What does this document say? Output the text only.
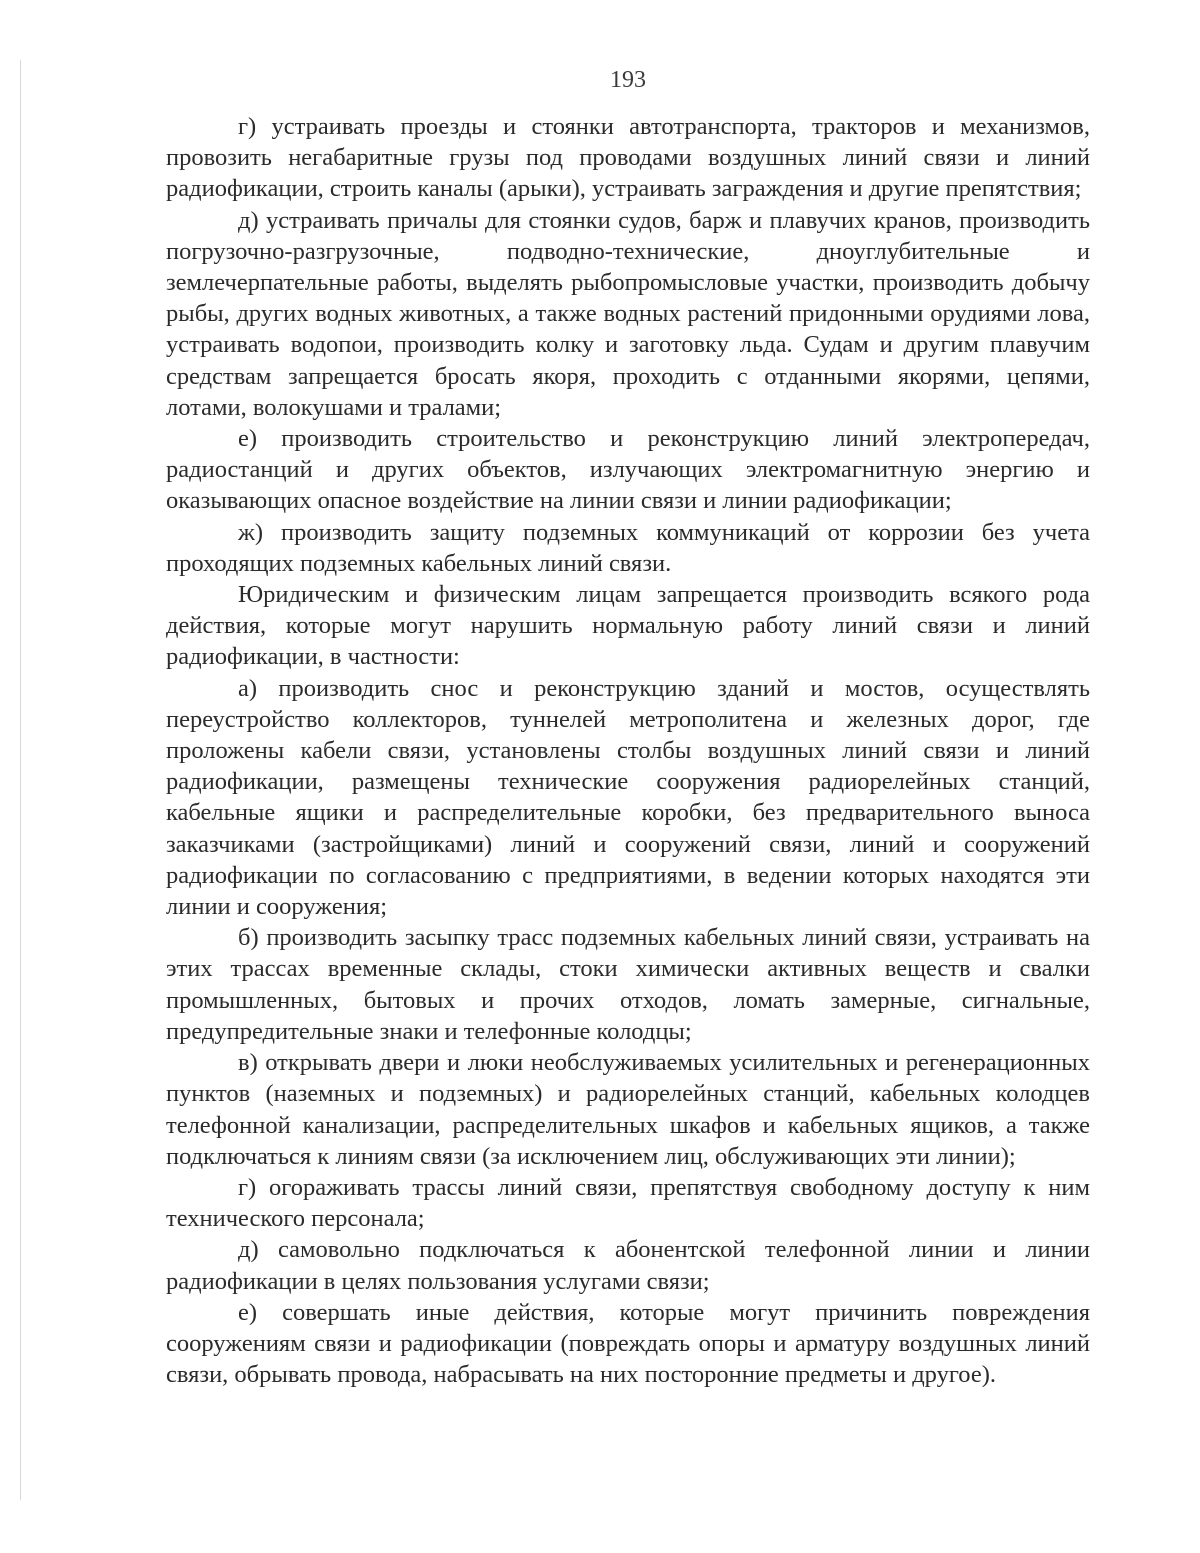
193

г) устраивать проезды и стоянки автотранспорта, тракторов и механизмов, провозить негабаритные грузы под проводами воздушных линий связи и линий радиофикации, строить каналы (арыки), устраивать заграждения и другие препятствия;

д) устраивать причалы для стоянки судов, барж и плавучих кранов, производить погрузочно-разгрузочные, подводно-технические, дноуглубительные и землечерпательные работы, выделять рыбопромысловые участки, производить добычу рыбы, других водных животных, а также водных растений придонными орудиями лова, устраивать водопои, производить колку и заготовку льда. Судам и другим плавучим средствам запрещается бросать якоря, проходить с отданными якорями, цепями, лотами, волокушами и тралами;

е) производить строительство и реконструкцию линий электропередач, радиостанций и других объектов, излучающих электромагнитную энергию и оказывающих опасное воздействие на линии связи и линии радиофикации;

ж) производить защиту подземных коммуникаций от коррозии без учета проходящих подземных кабельных линий связи.

Юридическим и физическим лицам запрещается производить всякого рода действия, которые могут нарушить нормальную работу линий связи и линий радиофикации, в частности:

а) производить снос и реконструкцию зданий и мостов, осуществлять переустройство коллекторов, туннелей метрополитена и железных дорог, где проложены кабели связи, установлены столбы воздушных линий связи и линий радиофикации, размещены технические сооружения радиорелейных станций, кабельные ящики и распределительные коробки, без предварительного выноса заказчиками (застройщиками) линий и сооружений связи, линий и сооружений радиофикации по согласованию с предприятиями, в ведении которых находятся эти линии и сооружения;

б) производить засыпку трасс подземных кабельных линий связи, устраивать на этих трассах временные склады, стоки химически активных веществ и свалки промышленных, бытовых и прочих отходов, ломать замерные, сигнальные, предупредительные знаки и телефонные колодцы;

в) открывать двери и люки необслуживаемых усилительных и регенерационных пунктов (наземных и подземных) и радиорелейных станций, кабельных колодцев телефонной канализации, распределительных шкафов и кабельных ящиков, а также подключаться к линиям связи (за исключением лиц, обслуживающих эти линии);

г) огораживать трассы линий связи, препятствуя свободному доступу к ним технического персонала;

д) самовольно подключаться к абонентской телефонной линии и линии радиофикации в целях пользования услугами связи;

е) совершать иные действия, которые могут причинить повреждения сооружениям связи и радиофикации (повреждать опоры и арматуру воздушных линий связи, обрывать провода, набрасывать на них посторонние предметы и другое).
